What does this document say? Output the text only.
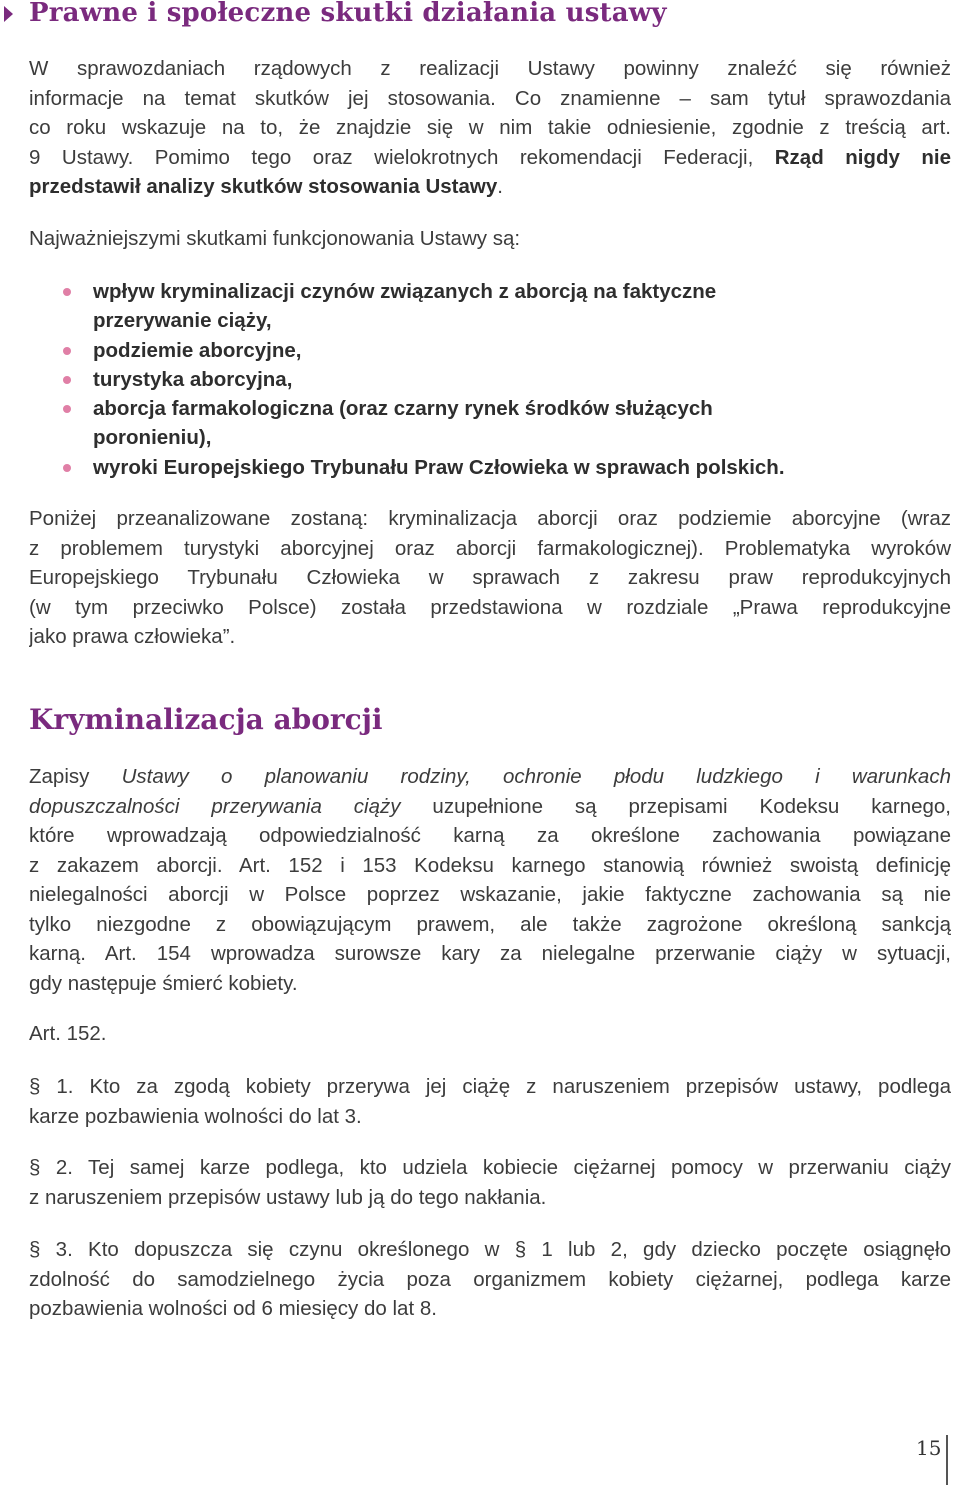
Prawne i społeczne skutki działania ustawy
W sprawozdaniach rządowych z realizacji Ustawy powinny znaleźć się również
informacje na temat skutków jej stosowania. Co znamienne – sam tytuł sprawozdania
co roku wskazuje na to, że znajdzie się w nim takie odniesienie, zgodnie z treścią art.
9 Ustawy. Pomimo tego oraz wielokrotnych rekomendacji Federacji, Rząd nigdy nie
przedstawił analizy skutków stosowania Ustawy.
Najważniejszymi skutkami funkcjonowania Ustawy są:
wpływ kryminalizacji czynów związanych z aborcją na faktyczne
przerywanie ciąży,
podziemie aborcyjne,
turystyka aborcyjna,
aborcja farmakologiczna (oraz czarny rynek środków służących
poronieniu),
wyroki Europejskiego Trybunału Praw Człowieka w sprawach polskich.
Poniżej przeanalizowane zostaną: kryminalizacja aborcji oraz podziemie aborcyjne (wraz
z problemem turystyki aborcyjnej oraz aborcji farmakologicznej). Problematyka wyroków
Europejskiego Trybunału Człowieka w sprawach z zakresu praw reprodukcyjnych
(w tym przeciwko Polsce) została przedstawiona w rozdziale „Prawa reprodukcyjne
jako prawa człowieka”.
Kryminalizacja aborcji
Zapisy Ustawy o planowaniu rodziny, ochronie płodu ludzkiego i warunkach
dopuszczalności przerywania ciąży uzupełnione są przepisami Kodeksu karnego,
które wprowadzają odpowiedzialność karną za określone zachowania powiązane
z zakazem aborcji. Art. 152 i 153 Kodeksu karnego stanowią również swoistą definicję
nielegalności aborcji w Polsce poprzez wskazanie, jakie faktyczne zachowania są nie
tylko niezgodne z obowiązującym prawem, ale także zagrożone określoną sankcją
karną. Art. 154 wprowadza surowsze kary za nielegalne przerwanie ciąży w sytuacji,
gdy następuje śmierć kobiety.
Art. 152.
§ 1. Kto za zgodą kobiety przerywa jej ciążę z naruszeniem przepisów ustawy, podlega
karze pozbawienia wolności do lat 3.
§ 2. Tej samej karze podlega, kto udziela kobiecie ciężarnej pomocy w przerwaniu ciąży
z naruszeniem przepisów ustawy lub ją do tego nakłania.
§ 3. Kto dopuszcza się czynu określonego w § 1 lub 2, gdy dziecko poczęte osiągnęło
zdolność do samodzielnego życia poza organizmem kobiety ciężarnej, podlega karze
pozbawienia wolności od 6 miesięcy do lat 8.
15
